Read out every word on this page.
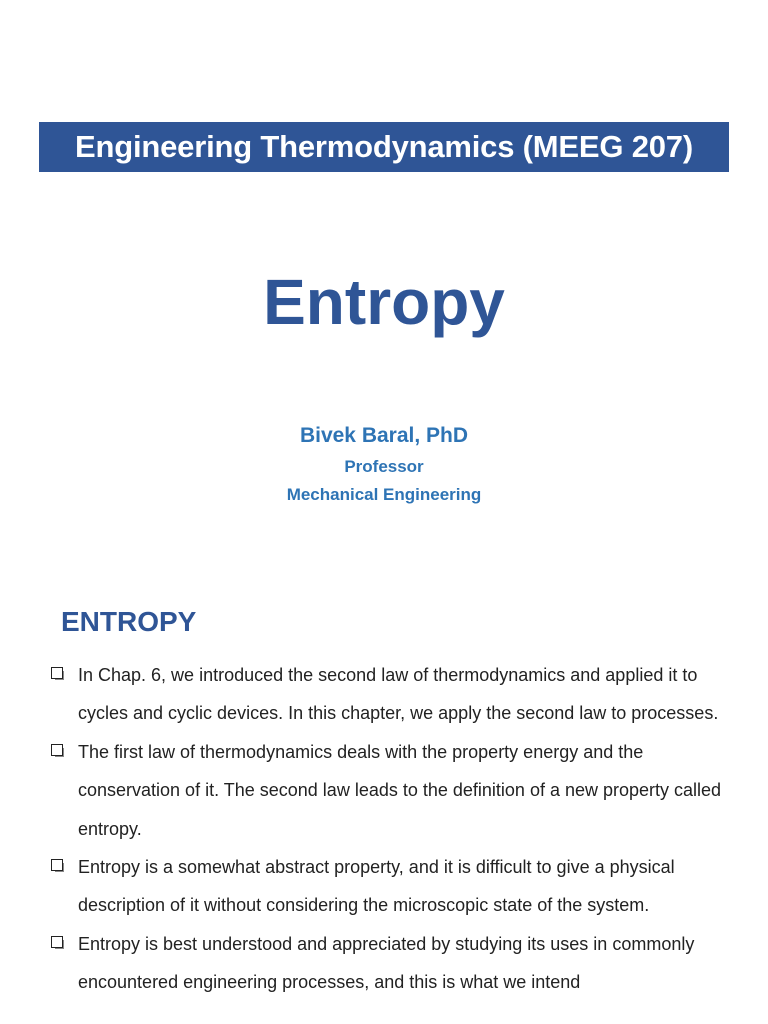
Engineering Thermodynamics (MEEG 207)
Entropy
Bivek Baral, PhD
Professor
Mechanical Engineering
ENTROPY
In Chap. 6, we introduced the second law of thermodynamics and applied it to cycles and cyclic devices. In this chapter, we apply the second law to processes.
The first law of thermodynamics deals with the property energy and the conservation of it. The second law leads to the definition of a new property called entropy.
Entropy is a somewhat abstract property, and it is difficult to give a physical description of it without considering the microscopic state of the system.
Entropy is best understood and appreciated by studying its uses in commonly encountered engineering processes, and this is what we intend
